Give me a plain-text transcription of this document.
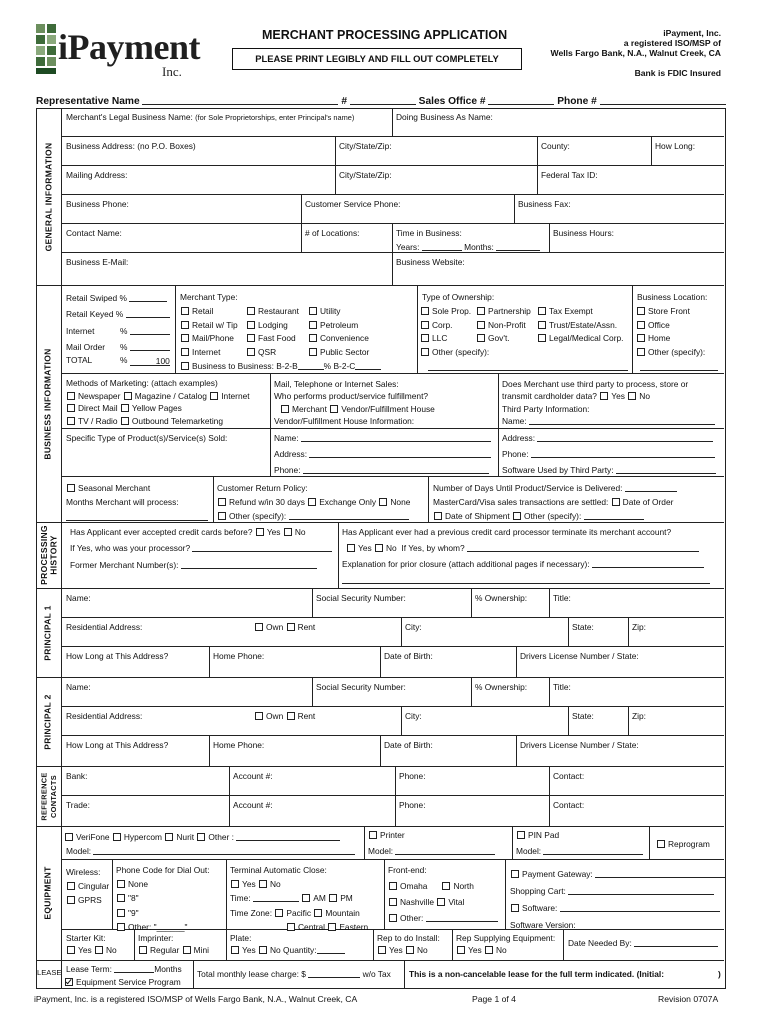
iPayment
Inc.
MERCHANT PROCESSING APPLICATION
PLEASE PRINT LEGIBLY AND FILL OUT COMPLETELY
iPayment, Inc.
a registered ISO/MSP of
Wells Fargo Bank, N.A., Walnut Creek, CA
Bank is FDIC Insured
Representative Name	#	Sales Office #	Phone #
GENERAL INFORMATION
Merchant's Legal Business Name: (for Sole Proprietorships, enter Principal's name)	Doing Business As Name:
Business Address: (no P.O. Boxes)	City/State/Zip:	County:	How Long:
Mailing Address:	City/State/Zip:	Federal Tax ID:
Business Phone:	Customer Service Phone:	Business Fax:
Contact Name:	# of Locations:	Time in Business:	Business Hours:
Years:	Months:
Business E-Mail:	Business Website:
BUSINESS INFORMATION
Retail Swiped %
Retail Keyed %
Internet	%
Mail Order %
TOTAL	%	100
Merchant Type:
Retail
Retail w/ Tip
Mail/Phone
Internet
Restaurant
Lodging
Fast Food
QSR
Utility
Petroleum
Convenience
Public Sector
Business to Business: B-2-B	% B-2-C
Type of Ownership:
Sole Prop.
Corp.
LLC
Other (specify):
Partnership
Non-Profit
Gov't.
Tax Exempt
Trust/Estate/Assn.
Legal/Medical Corp.
Business Location:
Store Front
Office
Home
Other (specify):
Methods of Marketing: (attach examples)
Newspaper Magazine / Catalog Internet
Direct Mail Yellow Pages
TV / Radio Outbound Telemarketing
Mail, Telephone or Internet Sales:
Who performs product/service fulfillment?
Merchant Vendor/Fulfillment House
Vendor/Fulfillment House Information:
Does Merchant use third party to process, store or
transmit cardholder data? Yes No
Third Party Information:
Name:
Specific Type of Product(s)/Service(s) Sold:	Name:	Address:
Address:	Phone:
Phone:	Software Used by Third Party:
Seasonal Merchant
Months Merchant will process:
Customer Return Policy:
Refund w/in 30 days Exchange Only None
Other (specify):
Number of Days Until Product/Service is Delivered:
MasterCard/Visa sales transactions are settled: Date of Order
Date of Shipment Other (specify):
PROCESSING HISTORY
Has Applicant ever accepted credit cards before? Yes No
If Yes, who was your processor?
Former Merchant Number(s):
Has Applicant ever had a previous credit card processor terminate its merchant account?
Yes No  If Yes, by whom?
Explanation for prior closure (attach additional pages if necessary):
PRINCIPAL 1
Name:	Social Security Number:	% Ownership:	Title:
Residential Address:	Own Rent	City:	State:	Zip:
How Long at This Address?	Home Phone:	Date of Birth:	Drivers License Number / State:
PRINCIPAL 2
Name:	Social Security Number:	% Ownership:	Title:
Residential Address:	Own Rent	City:	State:	Zip:
How Long at This Address?	Home Phone:	Date of Birth:	Drivers License Number / State:
REFERENCE CONTACTS Bank:	Account #:	Phone:	Contact:
Trade:	Account #:	Phone:	Contact:
EQUIPMENT
VeriFone Hypercom Nurit Other :
Model:
Printer
Model:
PIN Pad
Model:
Reprogram
Wireless:
Cingular
GPRS
Phone Code for Dial Out:
None
"8"
"9"
Other: "______"
Terminal Automatic Close:
Yes No
Time:	AM PM
Time Zone: Pacific Mountain
Central Eastern
Front-end:
Omaha	North
Nashville Vital
Other:
Payment Gateway:
Shopping Cart:
Software:
Software Version:
Starter Kit:
Yes No
Imprinter:
Regular Mini
Plate:
Yes No Quantity:
Rep to do Install:
Yes No
Rep Supplying Equipment:
Yes No
Date Needed By:
LEASE Lease Term:	Months
Equipment Service Program
Total monthly lease charge: $	w/o Tax This is a non-cancelable lease for the full term indicated. (Initial:	)
iPayment, Inc. is a registered ISO/MSP of Wells Fargo Bank, N.A., Walnut Creek, CA	Page 1 of 4	Revision 0707A
